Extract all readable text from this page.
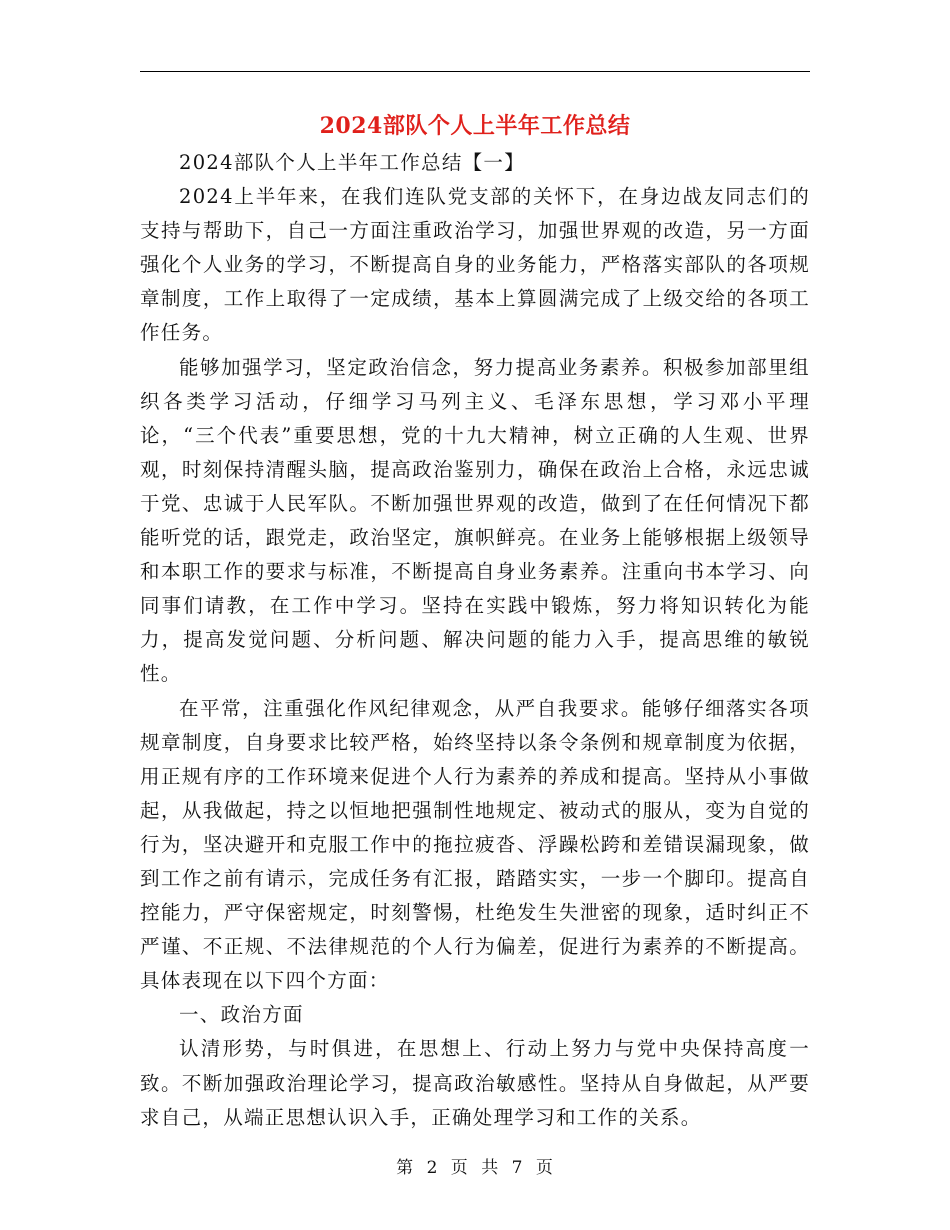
2024部队个人上半年工作总结

2024部队个人上半年工作总结【一】

2024上半年来，在我们连队党支部的关怀下，在身边战友同志们的支持与帮助下，自己一方面注重政治学习，加强世界观的改造，另一方面强化个人业务的学习，不断提高自身的业务能力，严格落实部队的各项规章制度，工作上取得了一定成绩，基本上算圆满完成了上级交给的各项工作任务。

能够加强学习，坚定政治信念，努力提高业务素养。积极参加部里组织各类学习活动，仔细学习马列主义、毛泽东思想，学习邓小平理论，“三个代表”重要思想，党的十九大精神，树立正确的人生观、世界观，时刻保持清醒头脑，提高政治鉴别力，确保在政治上合格，永远忠诚于党、忠诚于人民军队。不断加强世界观的改造，做到了在任何情况下都能听党的话，跟党走，政治坚定，旗帜鲜亮。在业务上能够根据上级领导和本职工作的要求与标准，不断提高自身业务素养。注重向书本学习、向同事们请教，在工作中学习。坚持在实践中锻炼，努力将知识转化为能力，提高发觉问题、分析问题、解决问题的能力入手，提高思维的敏锐性。

在平常，注重强化作风纪律观念，从严自我要求。能够仔细落实各项规章制度，自身要求比较严格，始终坚持以条令条例和规章制度为依据，用正规有序的工作环境来促进个人行为素养的养成和提高。坚持从小事做起，从我做起，持之以恒地把强制性地规定、被动式的服从，变为自觉的行为，坚决避开和克服工作中的拖拉疲沓、浮躁松跨和差错误漏现象，做到工作之前有请示，完成任务有汇报，踏踏实实，一步一个脚印。提高自控能力，严守保密规定，时刻警惕，杜绝发生失泄密的现象，适时纠正不严谨、不正规、不法律规范的个人行为偏差，促进行为素养的不断提高。具体表现在以下四个方面：

一、政治方面

认清形势，与时俱进，在思想上、行动上努力与党中央保持高度一致。不断加强政治理论学习，提高政治敏感性。坚持从自身做起，从严要求自己，从端正思想认识入手，正确处理学习和工作的关系。

第 2 页 共 7 页
